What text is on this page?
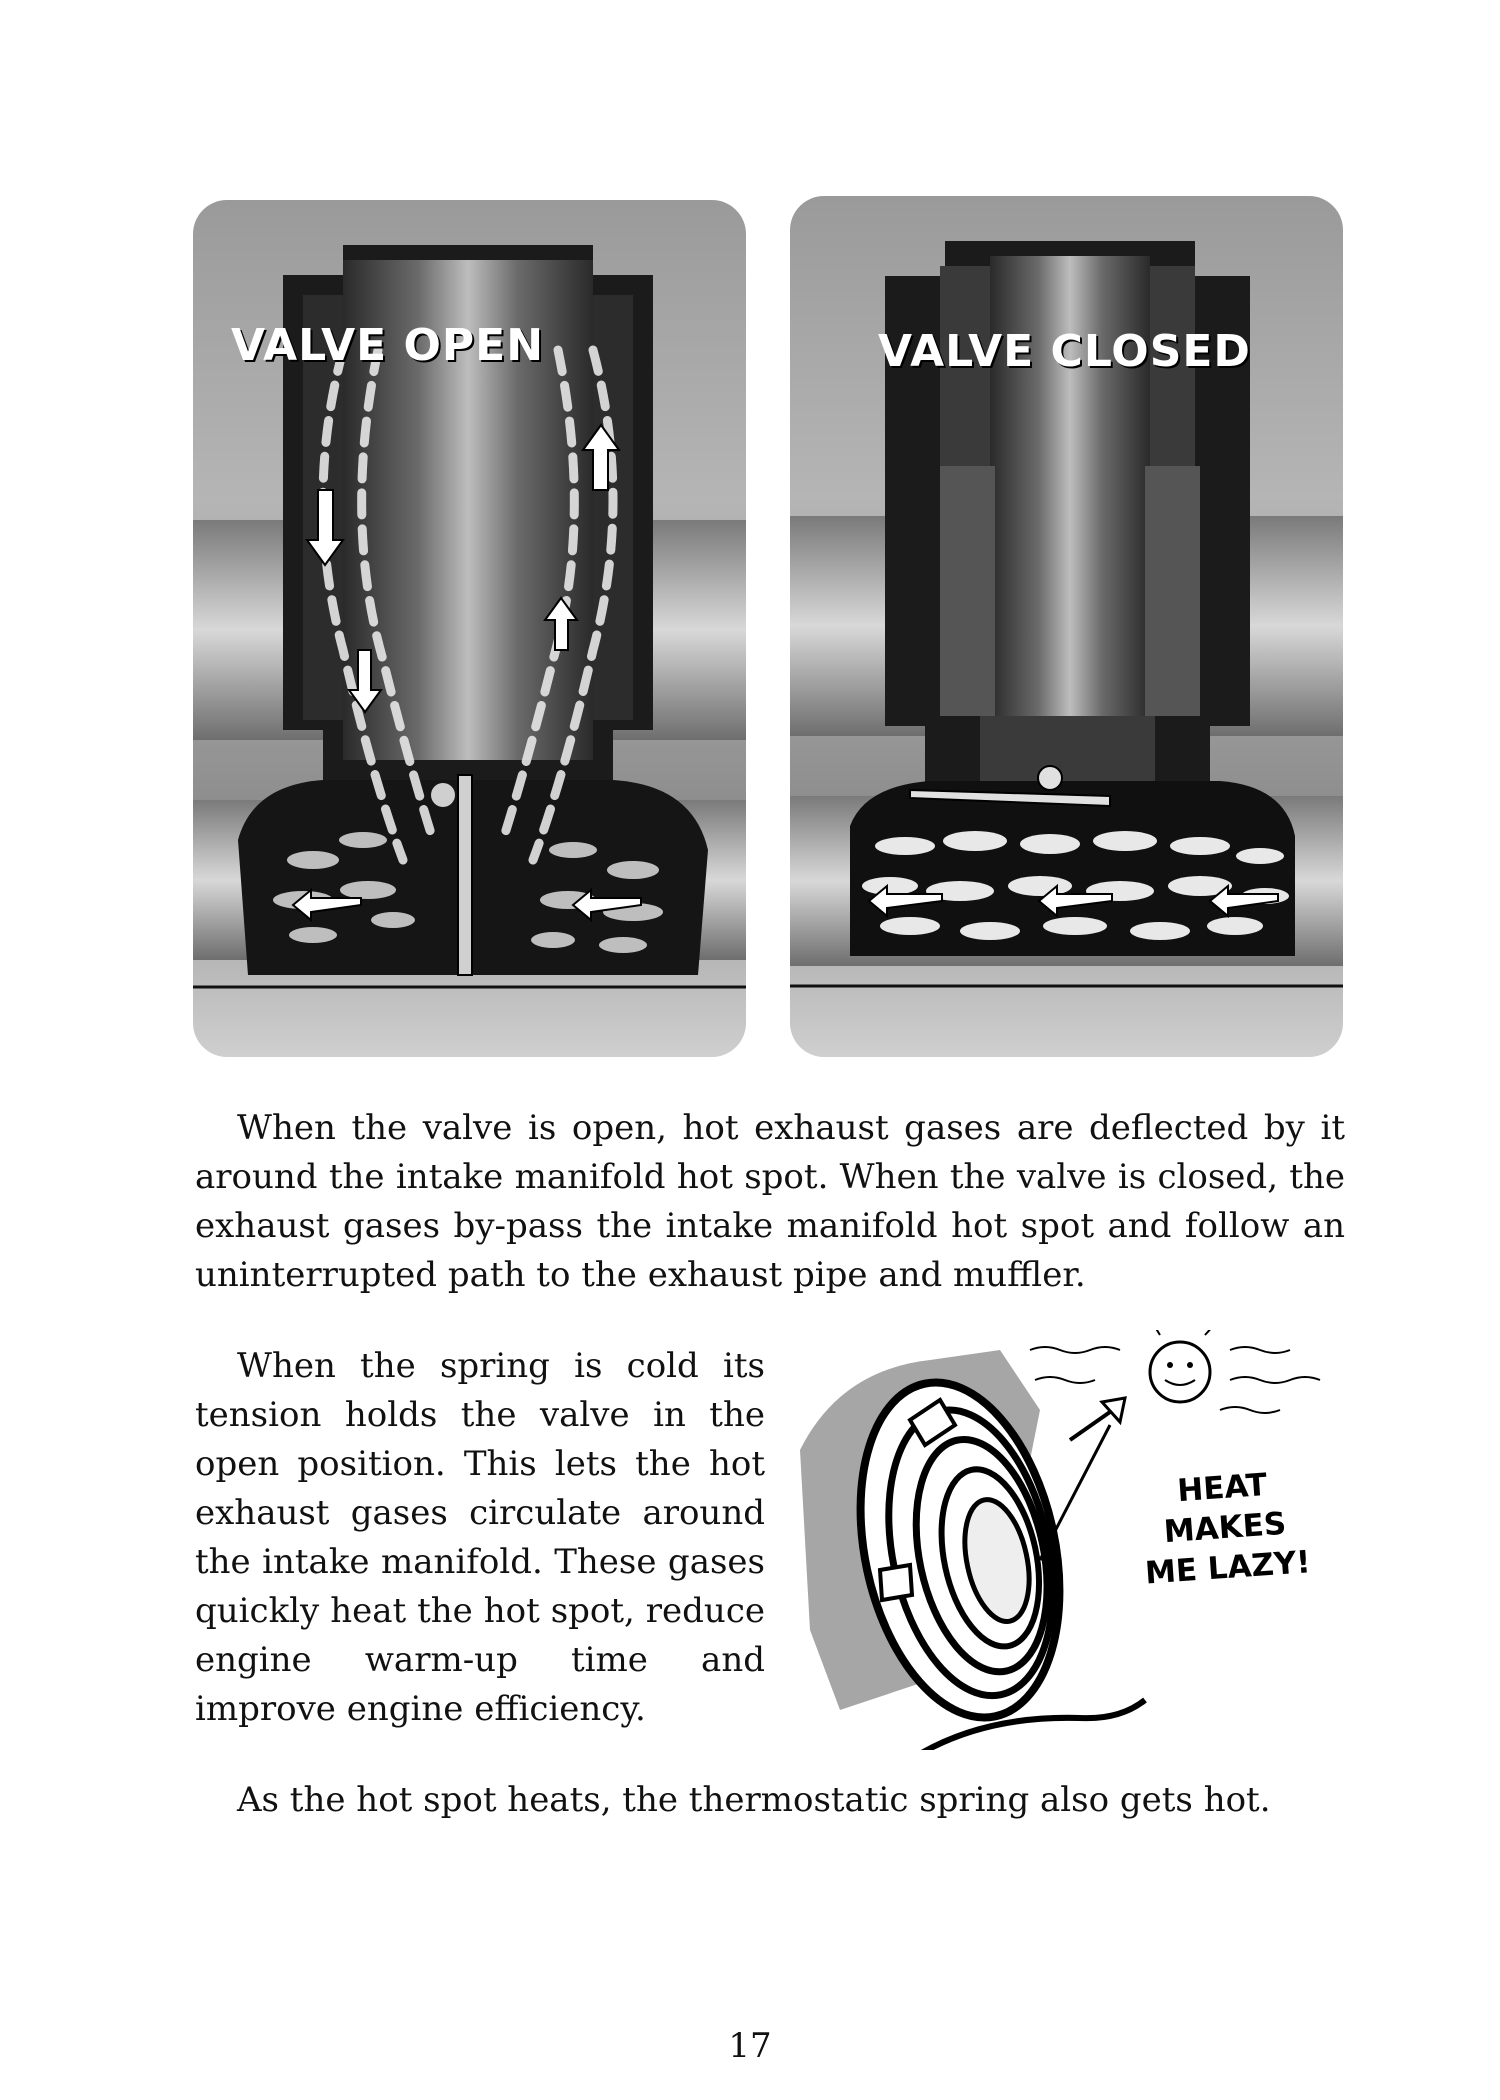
VALVE OPEN	VALVE CLOSED

When the valve is open, hot exhaust gases are deflected by it around the intake manifold hot spot. When the valve is closed, the exhaust gases by-pass the intake manifold hot spot and follow an uninterrupted path to the exhaust pipe and muffler.

When the spring is cold its tension holds the valve in the open position. This lets the hot exhaust gases circulate around the intake manifold. These gases quickly heat the hot spot, reduce engine warm-up time and improve engine efficiency.

HEAT
MAKES
ME LAZY!

As the hot spot heats, the thermostatic spring also gets hot.

17
